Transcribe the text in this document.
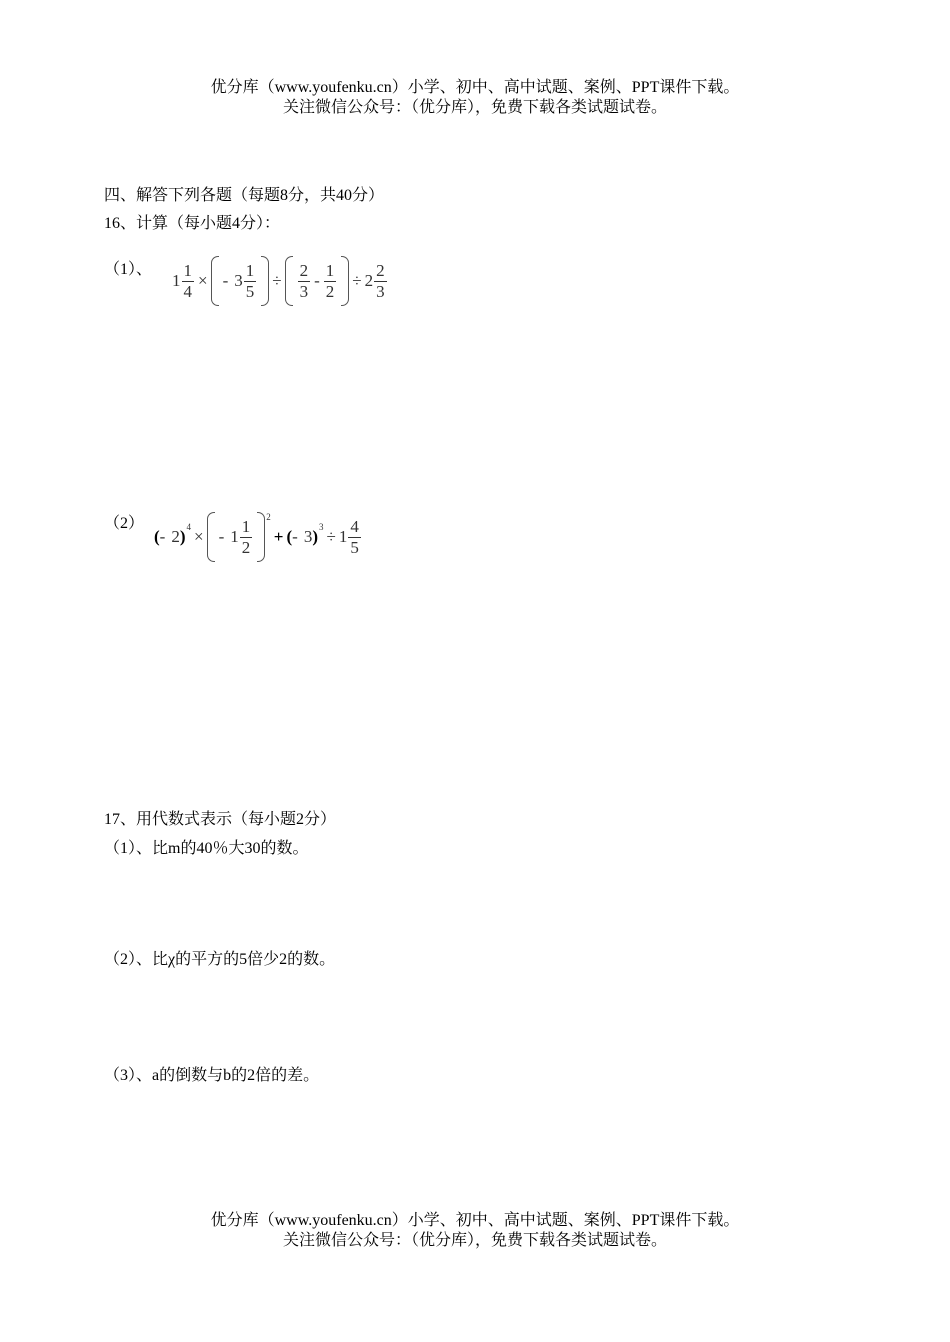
优分库（www.youfenku.cn）小学、初中、高中试题、案例、PPT课件下载。
关注微信公众号：（优分库），免费下载各类试题试卷。
四、解答下列各题（每题8分，共40分）
16、计算（每小题4分）：
（1）、
$1 \frac{1}{4}$ × - $3 \frac{1}{5} \div \frac{2}{3} - \frac{1}{2} \div 2 \frac{2}{3}$
（2）
( - 2 ) 4 × - $1 \frac{1}{2} 2$
+ ( - 3 ) $3 \div 1 \frac{4}{5}$
17、用代数式表示（每小题2分）
（1）、比m的40％大30的数。
（2）、比χ的平方的5倍少2的数。
（3）、a的倒数与b的2倍的差。
优分库（www.youfenku.cn）小学、初中、高中试题、案例、PPT课件下载。
关注微信公众号：（优分库），免费下载各类试题试卷。
